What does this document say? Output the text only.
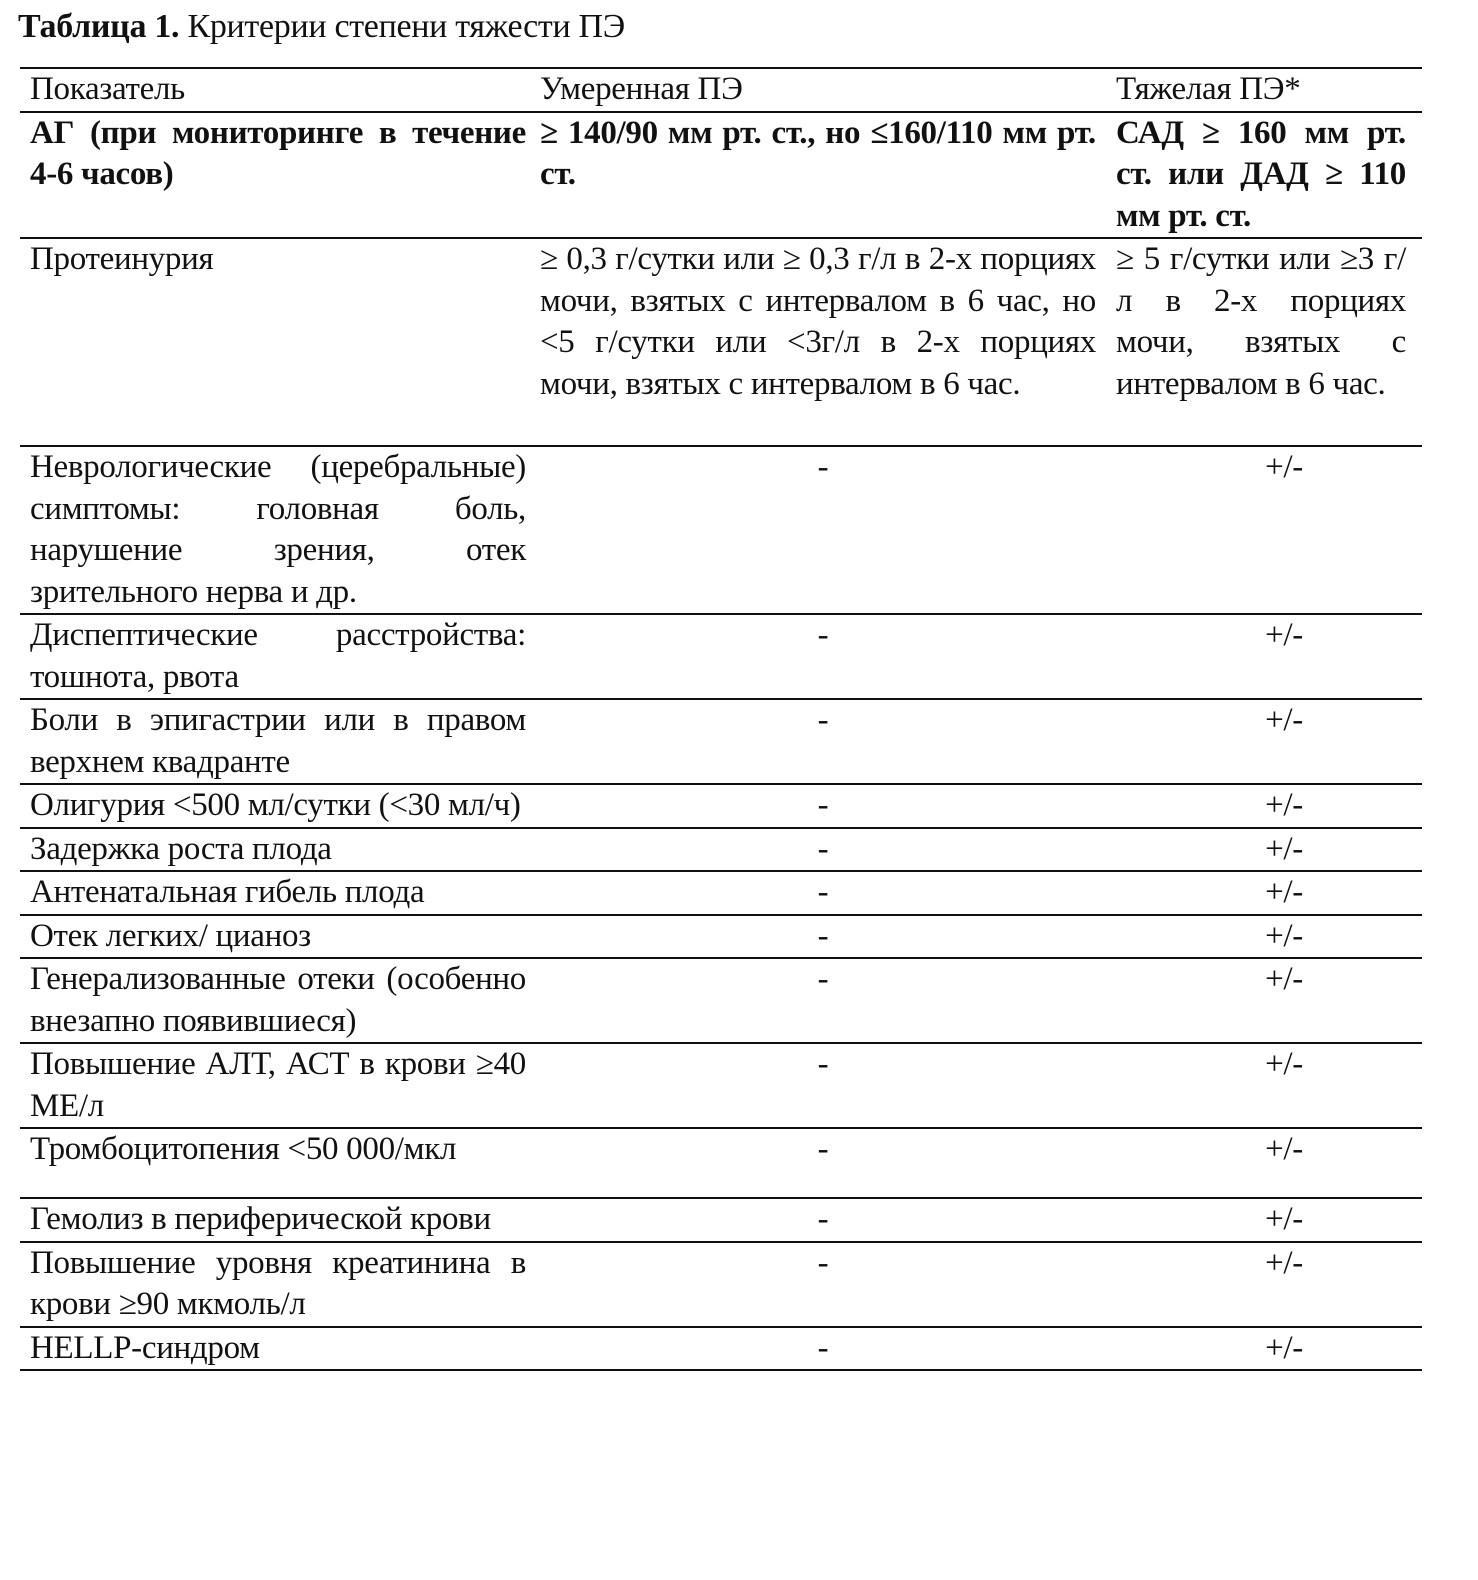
Таблица 1. Критерии степени тяжести ПЭ
Показатель	Умеренная ПЭ	Тяжелая ПЭ*
АГ (при мониторинге в течение 4-6 часов)	≥ 140/90 мм рт. ст., но ≤160/110 мм рт. ст.	САД ≥ 160 мм рт. ст. или ДАД ≥ 110 мм рт. ст.
Протеинурия	≥ 0,3 г/сутки или ≥ 0,3 г/л в 2-х порциях мочи, взятых с интервалом в 6 час, но <5 г/сутки или <3г/л в 2-х порциях мочи, взятых с интервалом в 6 час.	≥ 5 г/сутки или ≥3 г/л в 2-х порциях мочи, взятых с интервалом в 6 час.
Неврологические (церебральные) симптомы: головная боль, нарушение зрения, отек зрительного нерва и др.	-	+/-
Диспептические расстройства: тошнота, рвота	-	+/-
Боли в эпигастрии или в правом верхнем квадранте	-	+/-
Олигурия <500 мл/сутки (<30 мл/ч)	-	+/-
Задержка роста плода	-	+/-
Антенатальная гибель плода	-	+/-
Отек легких/ цианоз	-	+/-
Генерализованные отеки (особенно внезапно появившиеся)	-	+/-
Повышение АЛТ, АСТ в крови ≥40 МЕ/л	-	+/-
Тромбоцитопения <50 000/мкл	-	+/-
Гемолиз в периферической крови	-	+/-
Повышение уровня креатинина в крови ≥90 мкмоль/л	-	+/-
HELLP-синдром	-	+/-
